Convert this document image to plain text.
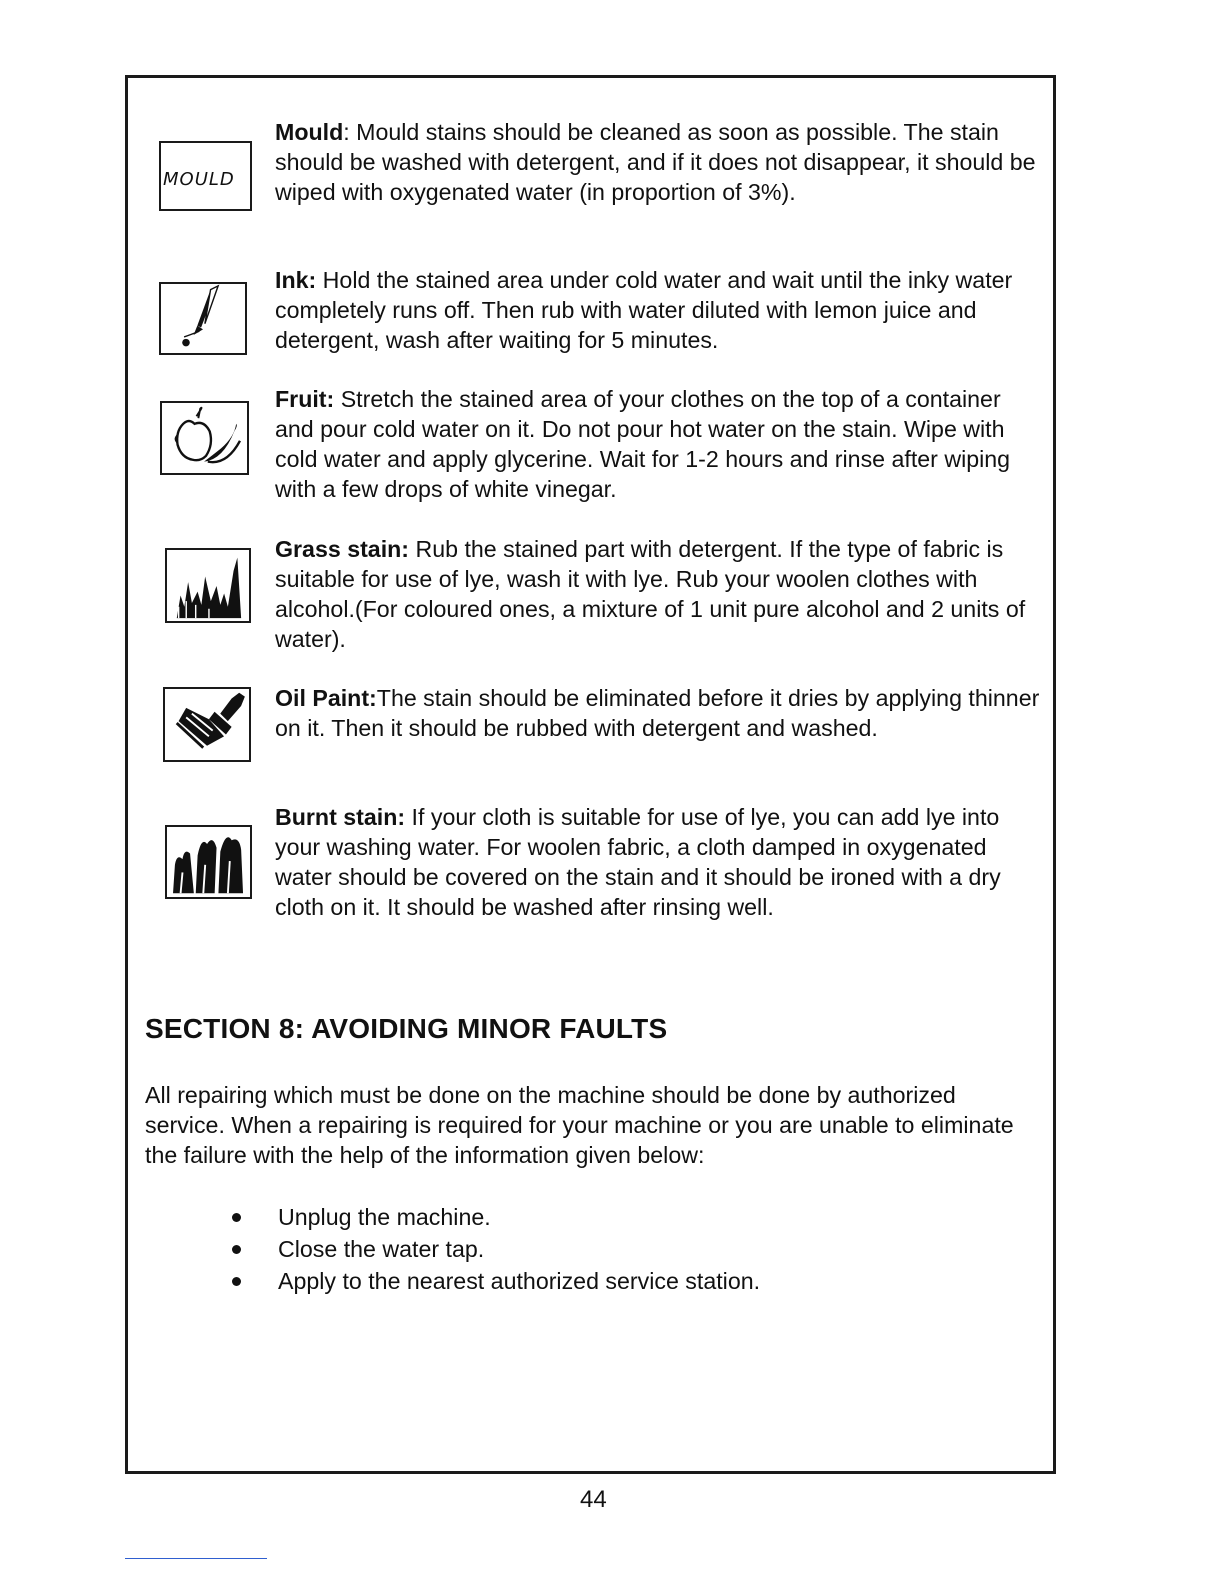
MOULD

Mould: Mould stains should be cleaned as soon as possible. The stain should be washed with detergent, and if it does not disappear, it should be wiped with oxygenated water (in proportion of 3%).

Ink: Hold the stained area under cold water and wait until the inky water completely runs off. Then rub with water diluted with lemon juice and detergent, wash after waiting for 5 minutes.

Fruit: Stretch the stained area of your clothes on the top of a container and pour cold water on it. Do not pour hot water on the stain. Wipe with cold water and apply glycerine. Wait for 1-2 hours and rinse after wiping with a few drops of white vinegar.

Grass stain: Rub the stained part with detergent. If the type of fabric is suitable for use of lye, wash it with lye. Rub your woolen clothes with alcohol.(For coloured ones, a mixture of 1 unit pure alcohol and 2 units of water).

Oil Paint:The stain should be eliminated before it dries by applying thinner on it. Then it should be rubbed with detergent and washed.

Burnt stain: If your cloth is suitable for use of lye, you can add lye into your washing water. For woolen fabric, a cloth damped in oxygenated water should be covered on the stain and it should be ironed with a dry cloth on it. It should be washed after rinsing well.

SECTION 8: AVOIDING MINOR FAULTS

All repairing which must be done on the machine should be done by authorized service. When a repairing is required for your machine or you are unable to eliminate the failure with the help of the information given below:

Unplug the machine.
Close the water tap.
Apply to the nearest authorized service station.
44
